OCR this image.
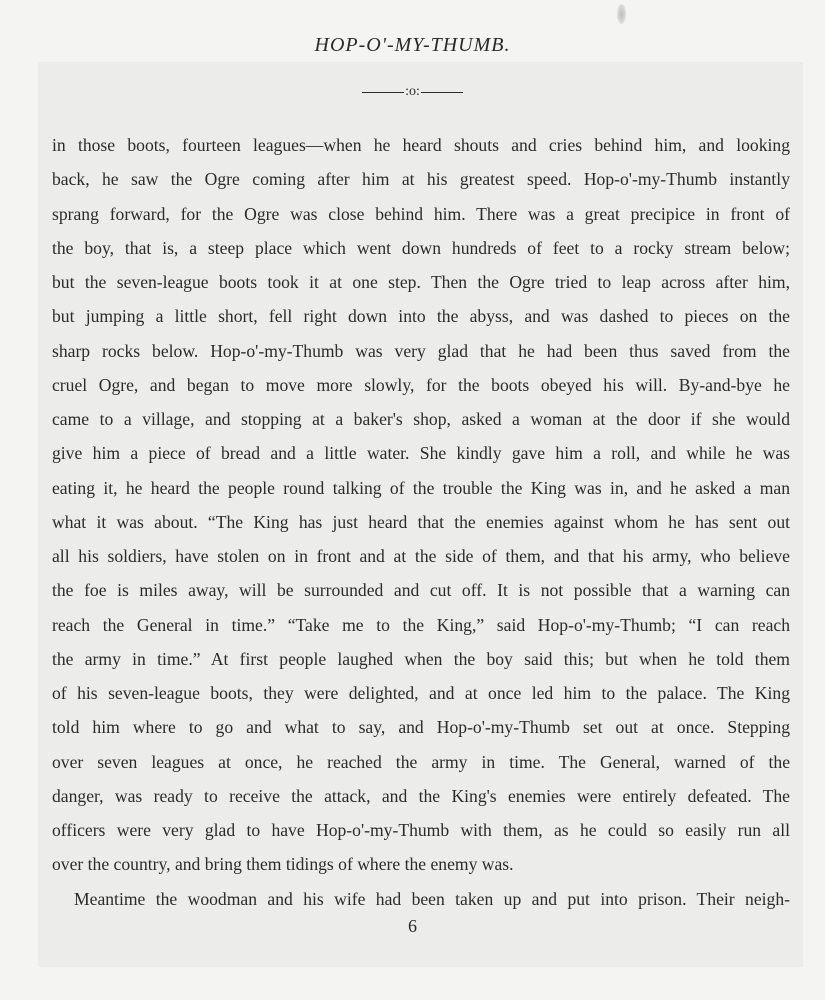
HOP-O'-MY-THUMB.
:o:
in those boots, fourteen leagues—when he heard shouts and cries behind him, and looking
back, he saw the Ogre coming after him at his greatest speed. Hop-o'-my-Thumb instantly
sprang forward, for the Ogre was close behind him. There was a great precipice in front of
the boy, that is, a steep place which went down hundreds of feet to a rocky stream below;
but the seven-league boots took it at one step. Then the Ogre tried to leap across after him,
but jumping a little short, fell right down into the abyss, and was dashed to pieces on the
sharp rocks below. Hop-o'-my-Thumb was very glad that he had been thus saved from the
cruel Ogre, and began to move more slowly, for the boots obeyed his will. By-and-bye he
came to a village, and stopping at a baker's shop, asked a woman at the door if she would
give him a piece of bread and a little water. She kindly gave him a roll, and while he was
eating it, he heard the people round talking of the trouble the King was in, and he asked a man
what it was about. “The King has just heard that the enemies against whom he has sent out
all his soldiers, have stolen on in front and at the side of them, and that his army, who believe
the foe is miles away, will be surrounded and cut off. It is not possible that a warning can
reach the General in time.” “Take me to the King,” said Hop-o'-my-Thumb; “I can reach
the army in time.” At first people laughed when the boy said this; but when he told them
of his seven-league boots, they were delighted, and at once led him to the palace. The King
told him where to go and what to say, and Hop-o'-my-Thumb set out at once. Stepping
over seven leagues at once, he reached the army in time. The General, warned of the
danger, was ready to receive the attack, and the King's enemies were entirely defeated. The
officers were very glad to have Hop-o'-my-Thumb with them, as he could so easily run all
over the country, and bring them tidings of where the enemy was.
Meantime the woodman and his wife had been taken up and put into prison. Their neigh-
6
